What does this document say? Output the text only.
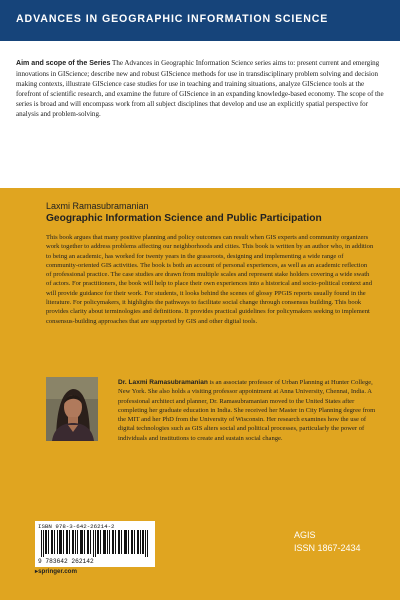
ADVANCES IN GEOGRAPHIC INFORMATION SCIENCE
Aim and scope of the Series The Advances in Geographic Information Science series aims to: present current and emerging innovations in GIScience; describe new and robust GIScience methods for use in transdisciplinary problem solving and decision making contexts, illustrate GIScience case studies for use in teaching and training situations, analyze GIScience tools at the forefront of scientific research, and examine the future of GIScience in an expanding knowledge-based economy. The scope of the series is broad and will encompass work from all subject disciplines that develop and use an explicitly spatial perspective for analysis and problem-solving.
Laxmi Ramasubramanian
Geographic Information Science and Public Participation
This book argues that many positive planning and policy outcomes can result when GIS experts and community organizers work together to address problems affecting our neighborhoods and cities. This book is written by an author who, in addition to being an academic, has worked for twenty years in the grassroots, designing and implementing a wide range of community-oriented GIS activities. The book is both an account of personal experiences, as well as an academic reflection of professional practice. The case studies are drawn from multiple scales and represent stake holders covering a wide swath of actors. For practitioners, the book will help to place their own experiences into a historical and socio-political context and will provide guidance for their work. For students, it looks behind the scenes of glossy PPGIS reports usually found in the literature. For policymakers, it highlights the pathways to facilitate social change through consensus building. This book provides clarity about terminologies and definitions. It provides practical guidelines for policymakers seeking to implement consensus-building approaches that are supported by GIS and other digital tools.
Dr. Laxmi Ramasubramanian is an associate professor of Urban Planning at Hunter College, New York. She also holds a visiting professor appointment at Anna University, Chennai, India. A professional architect and planner, Dr. Ramasubramanian moved to the United States after completing her graduate education in India. She received her Master in City Planning degree from the MIT and her PhD from the University of Wisconsin. Her research examines how the use of digital technologies such as GIS alters social and political processes, particularly the power of individuals and institutions to create and sustain social change.
ISBN 978-3-642-26214-2
9 783642 262142
▸springer.com
AGIS
ISSN 1867-2434
